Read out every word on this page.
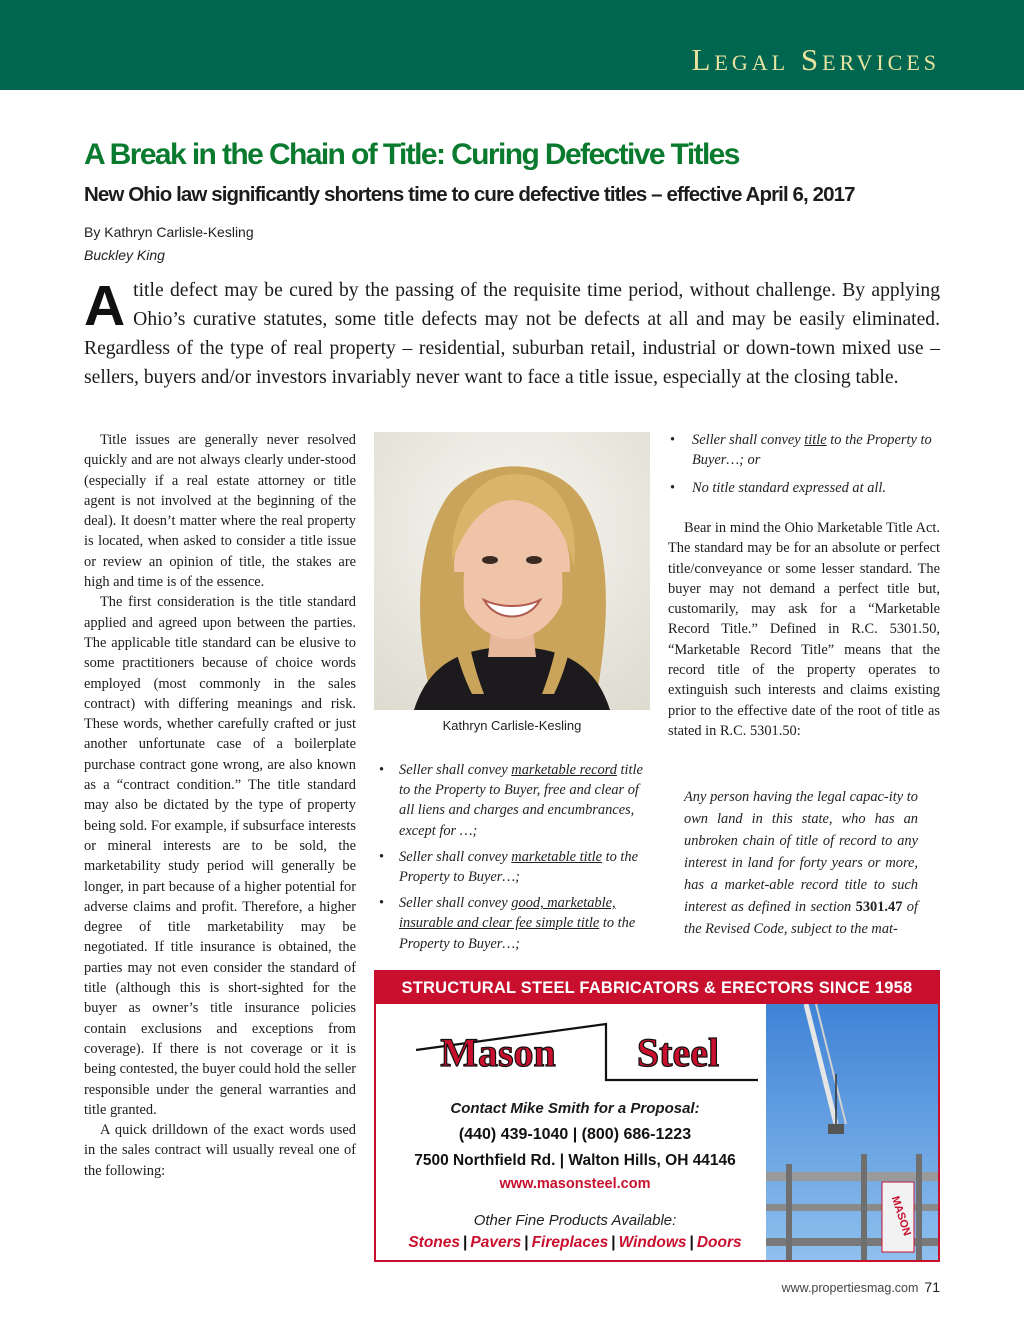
Legal Services
A Break in the Chain of Title: Curing Defective Titles
New Ohio law significantly shortens time to cure defective titles – effective April 6, 2017
By Kathryn Carlisle-Kesling
Buckley King

Atitle defect may be cured by the passing of the requisite time period, without challenge. By applying Ohio’s curative statutes, some title defects may not be defects at all and may be easily eliminated. Regardless of the type of real property – residential, suburban retail, industrial or down-town mixed use – sellers, buyers and/or investors invariably never want to face a title issue, especially at the closing table.

Title issues are generally never resolved quickly and are not always clearly under-stood (especially if a real estate attorney or title agent is not involved at the beginning of the deal). It doesn’t matter where the real property is located, when asked to consider a title issue or review an opinion of title, the stakes are high and time is of the essence.

The first consideration is the title standard applied and agreed upon between the parties. The applicable title standard can be elusive to some practitioners because of choice words employed (most commonly in the sales contract) with differing meanings and risk. These words, whether carefully crafted or just another unfortunate case of a boilerplate purchase contract gone wrong, are also known as a “contract condition.” The title standard may also be dictated by the type of property being sold. For example, if subsurface interests or mineral interests are to be sold, the marketability study period will generally be longer, in part because of a higher potential for adverse claims and profit. Therefore, a higher degree of title marketability may be negotiated. If title insurance is obtained, the parties may not even consider the standard of title (although this is short-sighted for the buyer as owner’s title insurance policies contain exclusions and exceptions from coverage). If there is not coverage or it is being contested, the buyer could hold the seller responsible under the general warranties and title granted.

A quick drilldown of the exact words used in the sales contract will usually reveal one of the following:

Kathryn Carlisle-Kesling
• Seller shall convey marketable record title to the Property to Buyer, free and clear of all liens and charges and encumbrances, except for …;
• Seller shall convey marketable title to the Property to Buyer…;
• Seller shall convey good, marketable, insurable and clear fee simple title to the Property to Buyer…;
• Seller shall convey title to the Property to Buyer…; or
• No title standard expressed at all.

Bear in mind the Ohio Marketable Title Act. The standard may be for an absolute or perfect title/conveyance or some lesser standard. The buyer may not demand a perfect title but, customarily, may ask for a “Marketable Record Title.” Defined in R.C. 5301.50, “Marketable Record Title” means that the record title of the property operates to extinguish such interests and claims existing prior to the effective date of the root of title as stated in R.C. 5301.50:

Any person having the legal capac-ity to own land in this state, who has an unbroken chain of title of record to any interest in land for forty years or more, has a market-able record title to such interest as defined in section 5301.47 of the Revised Code, subject to the mat-

STRUCTURAL STEEL FABRICATORS & ERECTORS SINCE 1958
Mason Steel
Contact Mike Smith for a Proposal:
(440) 439-1040 | (800) 686-1223
7500 Northfield Rd. | Walton Hills, OH 44146
www.masonsteel.com
Other Fine Products Available:
Stones | Pavers | Fireplaces | Windows | Doors
MASON
www.propertiesmag.com 71
